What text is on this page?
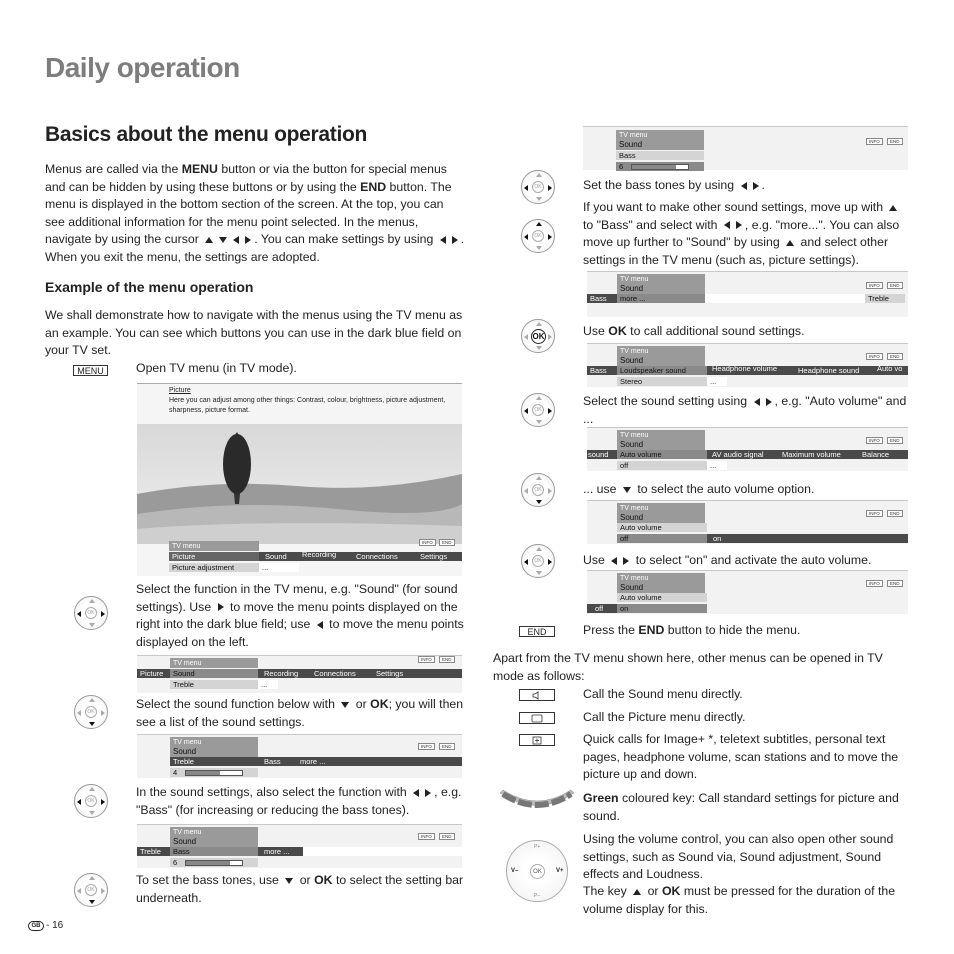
Daily operation
Basics about the menu operation
Menus are called via the MENU button or via the button for special menus and can be hidden by using these buttons or by using the END button. The menu is displayed in the bottom section of the screen. At the top, you can see additional information for the menu point selected. In the menus, navigate by using the cursor	. You can make settings by using . When you exit the menu, the settings are adopted.
Example of the menu operation
We shall demonstrate how to navigate with the menus using the TV menu as an example. You can see which buttons you can use in the dark blue field on your TV set.
MENU	Open TV menu (in TV mode).
Picture
Here you can adjust among other things: Contrast, colour, brightness, picture adjustment, sharpness, picture format.
TV menu
INFO	END
Picture	Sound	Recording	Connections	Settings
Picture adjustment	...
OK
Select the function in the TV menu, e.g. "Sound" (for sound settings). Use  to move the menu points displayed on the right into the dark blue field; use  to move the menu points displayed on the left.
TV menu
INFO	END
Picture	Sound	Recording	Connections	Settings
Treble	...
OK
Select the sound function below with  or OK; you will then see a list of the sound settings.
TV menu
Sound
INFO	END
Treble	Bass	more ...
4
OK
In the sound settings, also select the function with , e.g. "Bass" (for increasing or reducing the bass tones).
TV menu
Sound
INFO	END
Treble	Bass	more ...
6
OK
To set the bass tones, use  or OK to select the setting bar underneath.
GB - 16
TV menu
Sound	INFO	END
Bass
6
OK	Set the bass tones by using .
OK
If you want to make other sound settings, move up with  to "Bass" and select with , e.g. "more...". You can also move up further to "Sound" by using  and select other settings in the TV menu (such as, picture settings).
TV menu
Sound	INFO	END
Bass	more ...	Treble
OK	Use OK to call additional sound settings.
TV menu
Sound	INFO	END
Bass	Loudspeaker sound	Headphone volume	Headphone sound	Auto vo
Stereo	...
OK
Select the sound setting using , e.g. "Auto volume" and ...
TV menu
Sound	INFO	END
sound	Auto volume	AV audio signal	Maximum volume	Balance
off	...
OK	... use  to select the auto volume option.
TV menu
Sound	INFO	END
Auto volume
off	on
OK	Use  to select "on" and activate the auto volume.
TV menu
Sound	INFO	END
Auto volume
off	on
END	Press the END button to hide the menu.
Apart from the TV menu shown here, other menus can be opened in TV mode as follows:
Call the Sound menu directly.
Call the Picture menu directly.
Quick calls for Image+ *, teletext subtitles, personal text pages, headphone volume, scan stations and to move the picture up and down.
Green coloured key: Call standard settings for picture and sound.
P+
P–
V–	V+
OK
Using the volume control, you can also open other sound settings, such as Sound via, Sound adjustment, Sound effects and Loudness.
The key  or OK must be pressed for the duration of the volume display for this.
